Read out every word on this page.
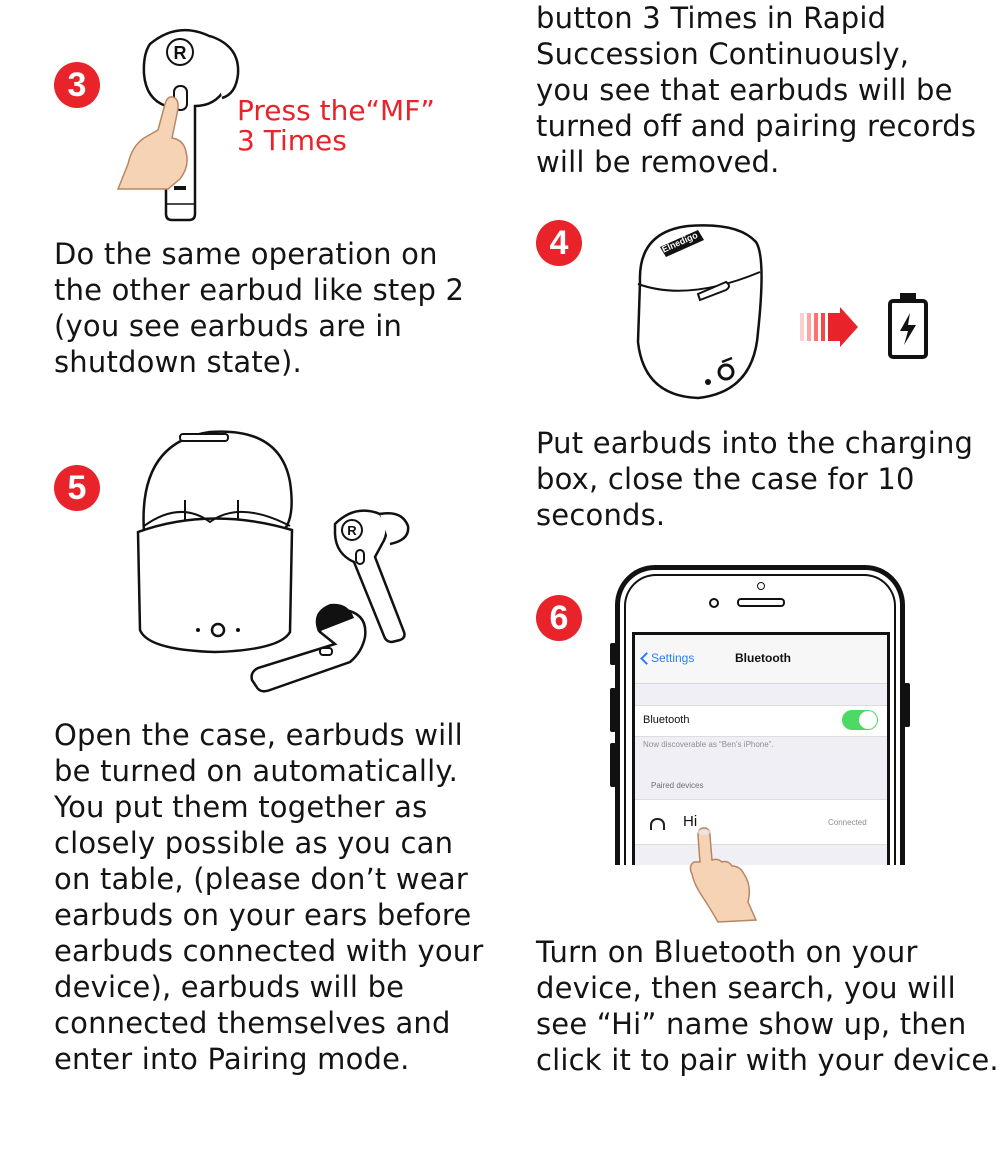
3
R
Press the“MF”
3 Times
Do the same operation on
the other earbud like step 2
(you see earbuds are in
shutdown state).
button 3 Times in Rapid
Succession Continuously,
you see that earbuds will be
turned off and pairing records
will be removed.
4	Elnedigo
Put earbuds into the charging
box, close the case for 10
seconds.
5
R
Open the case, earbuds will
be turned on automatically.
You put them together as
closely possible as you can
on table, (please don’t wear
earbuds on your ears before
earbuds connected with your
device), earbuds will be
connected themselves and
enter into Pairing mode.
6
Settings	Bluetooth
Bluetooth
Now discoverable as “Ben’s iPhone”.
Paired devices
Hi	Connected
Turn on Bluetooth on your
device, then search, you will
see “Hi” name show up, then
click it to pair with your device.
